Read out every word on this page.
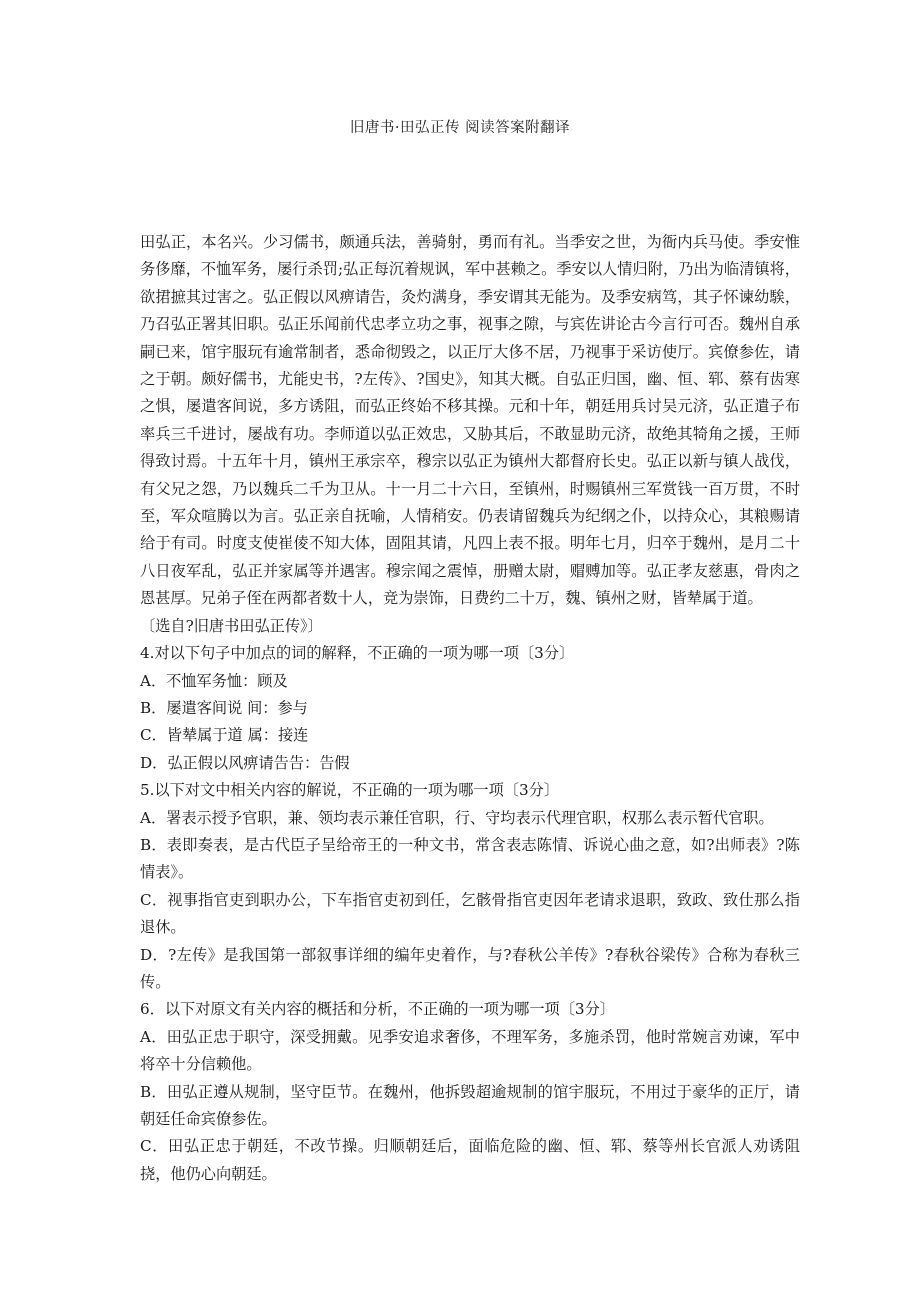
旧唐书·田弘正传 阅读答案附翻译

田弘正，本名兴。少习儒书，颇通兵法，善骑射，勇而有礼。当季安之世，为衙内兵马使。季安惟务侈靡，不恤军务，屡行杀罚;弘正每沉着规讽，军中甚赖之。季安以人情归附，乃出为临清镇将，欲捃摭其过害之。弘正假以风痹请告，灸灼满身，季安谓其无能为。及季安病笃，其子怀谏幼騃，乃召弘正署其旧职。弘正乐闻前代忠孝立功之事，视事之隙，与宾佐讲论古今言行可否。魏州自承嗣已来，馆宇服玩有逾常制者，悉命彻毁之，以正厅大侈不居，乃视事于采访使厅。宾僚参佐，请之于朝。颇好儒书，尤能史书，?左传》、?国史》，知其大概。自弘正归国，幽、恒、郓、蔡有齿寒之惧，屡遣客间说，多方诱阻，而弘正终始不移其操。元和十年，朝廷用兵讨吴元济，弘正遣子布率兵三千进讨，屡战有功。李师道以弘正效忠，又胁其后，不敢显助元济，故绝其犄角之援，王师得致讨焉。十五年十月，镇州王承宗卒，穆宗以弘正为镇州大都督府长史。弘正以新与镇人战伐，有父兄之怨，乃以魏兵二千为卫从。十一月二十六日，至镇州，时赐镇州三军赏钱一百万贯，不时至，军众喧腾以为言。弘正亲自抚喻，人情稍安。仍表请留魏兵为纪纲之仆，以持众心，其粮赐请给于有司。时度支使崔倰不知大体，固阻其请，凡四上表不报。明年七月，归卒于魏州，是月二十八日夜军乱，弘正并家属等并遇害。穆宗闻之震悼，册赠太尉，赗赙加等。弘正孝友慈惠，骨肉之恩甚厚。兄弟子侄在两都者数十人，竞为崇饰，日费约二十万，魏、镇州之财，皆辇属于道。

〔选自?旧唐书田弘正传》〕

4.对以下句子中加点的词的解释，不正确的一项为哪一项〔3分〕

A．不恤军务恤：顾及

B．屡遣客间说 间：参与

C．皆辇属于道 属：接连

D．弘正假以风痹请告告：告假

5.以下对文中相关内容的解说，不正确的一项为哪一项〔3分〕

A．署表示授予官职，兼、领均表示兼任官职，行、守均表示代理官职，权那么表示暂代官职。

B．表即奏表，是古代臣子呈给帝王的一种文书，常含表志陈情、诉说心曲之意，如?出师表》?陈情表》。

C．视事指官吏到职办公，下车指官吏初到任，乞骸骨指官吏因年老请求退职，致政、致仕那么指退休。

D．?左传》是我国第一部叙事详细的编年史着作，与?春秋公羊传》?春秋谷梁传》合称为春秋三传。

6．以下对原文有关内容的概括和分析，不正确的一项为哪一项〔3分〕

A．田弘正忠于职守，深受拥戴。见季安追求奢侈，不理军务，多施杀罚，他时常婉言劝谏，军中将卒十分信赖他。

B．田弘正遵从规制，坚守臣节。在魏州，他拆毁超逾规制的馆宇服玩，不用过于豪华的正厅，请朝廷任命宾僚参佐。

C．田弘正忠于朝廷，不改节操。归顺朝廷后，面临危险的幽、恒、郓、蔡等州长官派人劝诱阻挠，他仍心向朝廷。
